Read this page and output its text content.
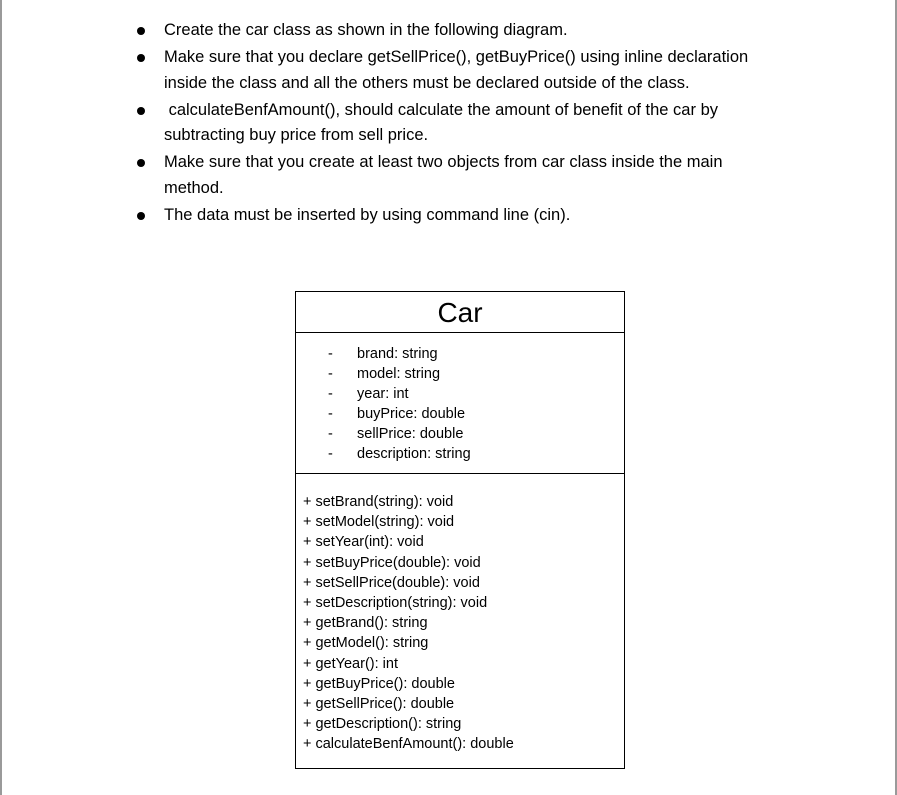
Create the car class as shown in the following diagram.
Make sure that you declare getSellPrice(), getBuyPrice() using inline declaration
inside the class and all the others must be declared outside of the class.
calculateBenfAmount(), should calculate the amount of benefit of the car by
subtracting buy price from sell price.
Make sure that you create at least two objects from car class inside the main
method.
The data must be inserted by using command line (cin).
Car
- brand: string
- model: string
- year: int
- buyPrice: double
- sellPrice: double
- description: string
+ setBrand(string): void
+ setModel(string): void
+ setYear(int): void
+ setBuyPrice(double): void
+ setSellPrice(double): void
+ setDescription(string): void
+ getBrand(): string
+ getModel(): string
+ getYear(): int
+ getBuyPrice(): double
+ getSellPrice(): double
+ getDescription(): string
+ calculateBenfAmount(): double
